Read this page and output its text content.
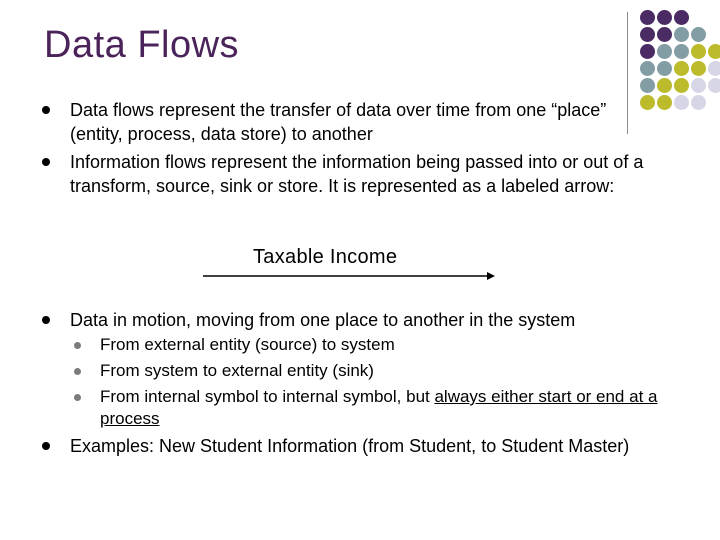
Data Flows
Data flows represent the transfer of data over time from one “place” (entity, process, data store) to another
Information flows represent the information being passed into or out of a transform, source, sink or store. It is represented as a labeled arrow:
Taxable Income
Data in motion, moving from one place to another in the system
From external entity (source) to system
From system to external entity (sink)
From internal symbol to internal symbol, but always either start or end at a process
Examples: New Student Information (from Student, to Student Master)
